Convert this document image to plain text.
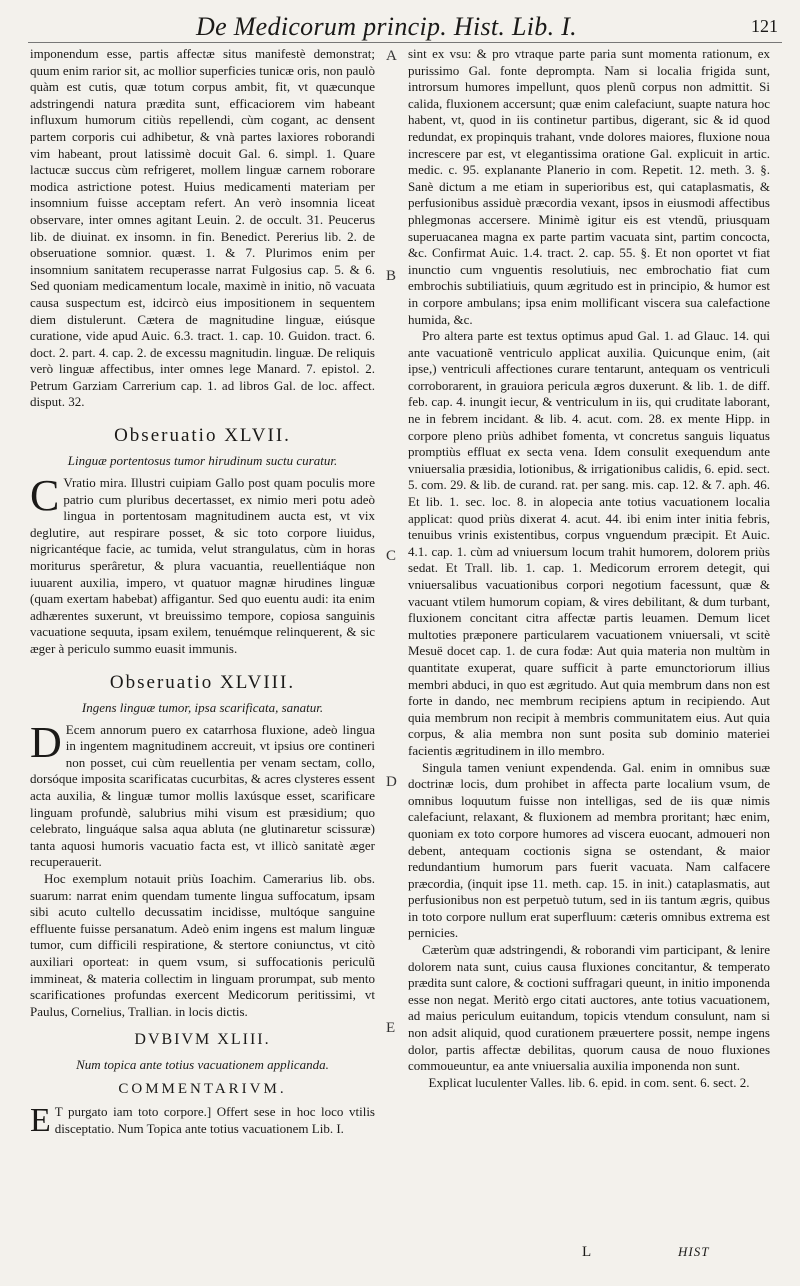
De Medicorum princip. Hist. Lib. I.	121

imponendum esse, partis affectæ situs manifestè demonstrat; quum enim rarior sit, ac mollior superficies tunicæ oris, non paulò quàm est cutis, quæ totum corpus ambit, fit, vt quæcunque adstringendi natura prædita sunt, efficaciorem vim habeant influxum humorum citiùs repellendi, cùm cogant, ac densent partem corporis cui adhibetur, & vnà partes laxiores roborandi vim habeant, prout latissimè docuit Gal. 6. simpl. 1. Quare lactucæ succus cùm refrigeret, mollem linguæ carnem roborare modica astrictione potest. Huius medicamenti materiam per insomnium fuisse acceptam refert. An verò insomnia liceat observare, inter omnes agitant Leuin. 2. de occult. 31. Peucerus lib. de diuinat. ex insomn. in fin. Benedict. Pererius lib. 2. de obseruatione somnior. quæst. 1. & 7. Plurimos enim per insomnium sanitatem recuperasse narrat Fulgosius cap. 5. & 6. Sed quoniam medicamentum locale, maximè in initio, nõ vacuata causa suspectum est, idcircò eius impositionem in sequentem diem distulerunt. Cætera de magnitudine linguæ, eiúsque curatione, vide apud Auic. 6.3. tract. 1. cap. 10. Guidon. tract. 6. doct. 2. part. 4. cap. 2. de excessu magnitudin. linguæ. De reliquis verò linguæ affectibus, inter omnes lege Manard. 7. epistol. 2. Petrum Garziam Carrerium cap. 1. ad libros Gal. de loc. affect. disput. 32.

Obseruatio XLVII.
Linguæ portentosus tumor hirudinum suctu curatur.

C Vratio mira. Illustri cuipiam Gallo post quam poculis more patrio cum pluribus decertasset, ex nimio meri potu adeò lingua in portentosam magnitudinem aucta est, vt vix deglutire, aut respirare posset, & sic toto corpore liuidus, nigricantéque facie, ac tumida, velut strangulatus, cùm in horas moriturus sperâretur, & plura vacuantia, reuellentiáque non iuuarent auxilia, impero, vt quatuor magnæ hirudines linguæ (quam exertam habebat) affigantur. Sed quo euentu audi: ita enim adhærentes suxerunt, vt breuissimo tempore, copiosa sanguinis vacuatione sequuta, ipsam exilem, tenuémque relinquerent, & sic æger à periculo summo euasit immunis.

Obseruatio XLVIII.
Ingens linguæ tumor, ipsa scarificata, sanatur.

D Ecem annorum puero ex catarrhosa fluxione, adeò lingua in ingentem magnitudinem accreuit, vt ipsius ore contineri non posset, cui cùm reuellentia per venam sectam, collo, dorsóque imposita scarificatas cucurbitas, & acres clysteres essent acta auxilia, & linguæ tumor mollis laxúsque esset, scarificare linguam profundè, salubrius mihi visum est præsidium; quo celebrato, linguáque salsa aqua abluta (ne glutinaretur scissuræ) tanta aquosi humoris vacuatio facta est, vt illicò sanitatè æger recuperauerit.

Hoc exemplum notauit priùs Ioachim. Camerarius lib. obs. suarum: narrat enim quendam tumente lingua suffocatum, ipsam sibi acuto cultello decussatim incidisse, multóque sanguine effluente fuisse persanatum. Adeò enim ingens est malum linguæ tumor, cum difficili respiratione, & stertore coniunctus, vt citò auxiliari oporteat: in quem vsum, si suffocationis periculũ immineat, & materia collectim in linguam prorumpat, sub mento scarificationes profundas exercent Medicorum peritissimi, vt Paulus, Cornelius, Trallian. in locis dictis.

DVBIVM XLIII.
Num topica ante totius vacuationem applicanda.
COMMENTARIVM.

E T purgato iam toto corpore.] Offert sese in hoc loco vtilis disceptatio. Num Topica ante totius vacuationem Lib. I.

A
B
C
D
E

sint ex vsu: & pro vtraque parte paria sunt momenta rationum, ex purissimo Gal. fonte deprompta. Nam si localia frigida sunt, introrsum humores impellunt, quos plenũ corpus non admittit. Si calida, fluxionem accersunt; quæ enim calefaciunt, suapte natura hoc habent, vt, quod in iis continetur partibus, digerant, sic & id quod redundat, ex propinquis trahant, vnde dolores maiores, fluxione noua increscere par est, vt elegantissima oratione Gal. explicuit in artic. medic. c. 95. explanante Planerio in com. Repetit. 12. meth. 3. §. Sanè dictum a me etiam in superioribus est, qui cataplasmatis, & perfusionibus assiduè præcordia vexant, ipsos in eiusmodi affectibus phlegmonas accersere. Minimè igitur eis est vtendũ, priusquam superuacanea magna ex parte partim vacuata sint, partim concocta, &c. Confirmat Auic. 1.4. tract. 2. cap. 55. §. Et non oportet vt fiat inunctio cum vnguentis resolutiuis, nec embrochatio fiat cum embrochis subtiliatiuis, quum ægritudo est in principio, & humor est in corpore ambulans; ipsa enim mollificant viscera sua calefactione humida, &c.

Pro altera parte est textus optimus apud Gal. 1. ad Glauc. 14. qui ante vacuationẽ ventriculo applicat auxilia. Quicunque enim, (ait ipse,) ventriculi affectiones curare tentarunt, antequam os ventriculi corroborarent, in grauiora pericula ægros duxerunt. & lib. 1. de diff. feb. cap. 4. inungit iecur, & ventriculum in iis, qui cruditate laborant, ne in febrem incidant. & lib. 4. acut. com. 28. ex mente Hipp. in corpore pleno priùs adhibet fomenta, vt concretus sanguis liquatus promptiùs effluat ex secta vena. Idem consulit exequendum ante vniuersalia præsidia, lotionibus, & irrigationibus calidis, 6. epid. sect. 5. com. 29. & lib. de curand. rat. per sang. mis. cap. 12. & 7. aph. 46. Et lib. 1. sec. loc. 8. in alopecia ante totius vacuationem localia applicat: quod priùs dixerat 4. acut. 44. ibi enim inter initia febris, tenuibus vrinis existentibus, corpus vnguendum præcipit. Et Auic. 4.1. cap. 1. cùm ad vniuersum locum trahit humorem, dolorem priùs sedat. Et Trall. lib. 1. cap. 1. Medicorum errorem detegit, qui vniuersalibus vacuationibus corpori negotium facessunt, quæ & vacuant vtilem humorum copiam, & vires debilitant, & dum turbant, fluxionem concitant citra affectæ partis leuamen. Demum licet multoties præponere particularem vacuationem vniuersali, vt scitè Mesuë docet cap. 1. de cura fodæ: Aut quia materia non multùm in quantitate exuperat, quare sufficit à parte emunctoriorum illius membri abduci, in quo est ægritudo. Aut quia membrum dans non est forte in dando, nec membrum recipiens aptum in recipiendo. Aut quia membrum non recipit à membris communitatem eius. Aut quia corpus, & alia membra non sunt posita sub dominio materiei facientis ægritudinem in illo membro.

Singula tamen veniunt expendenda. Gal. enim in omnibus suæ doctrinæ locis, dum prohibet in affecta parte localium vsum, de omnibus loquutum fuisse non intelligas, sed de iis quæ nimis calefaciunt, relaxant, & fluxionem ad membra proritant; hæc enim, quoniam ex toto corpore humores ad viscera euocant, admoueri non debent, antequam coctionis signa se ostendant, & maior redundantium humorum pars fuerit vacuata. Nam calfacere præcordia, (inquit ipse 11. meth. cap. 15. in init.) cataplasmatis, aut perfusionibus non est perpetuò tutum, sed in iis tantum ægris, quibus in toto corpore nullum erat superfluum: cæteris omnibus extrema est pernicies.

Cæterùm quæ adstringendi, & roborandi vim participant, & lenire dolorem nata sunt, cuius causa fluxiones concitantur, & temperato prædita sunt calore, & coctioni suffragari queunt, in initio imponenda esse non negat. Meritò ergo citati auctores, ante totius vacuationem, ad maius periculum euitandum, topicis vtendum consulunt, nam si non adsit aliquid, quod curationem præuertere possit, nempe ingens dolor, partis affectæ debilitas, quorum causa de nouo fluxiones commoueuntur, ea ante vniuersalia auxilia imponenda non sunt.

Explicat luculenter Valles. lib. 6. epid. in com. sent. 6. sect. 2.

L	HIST
